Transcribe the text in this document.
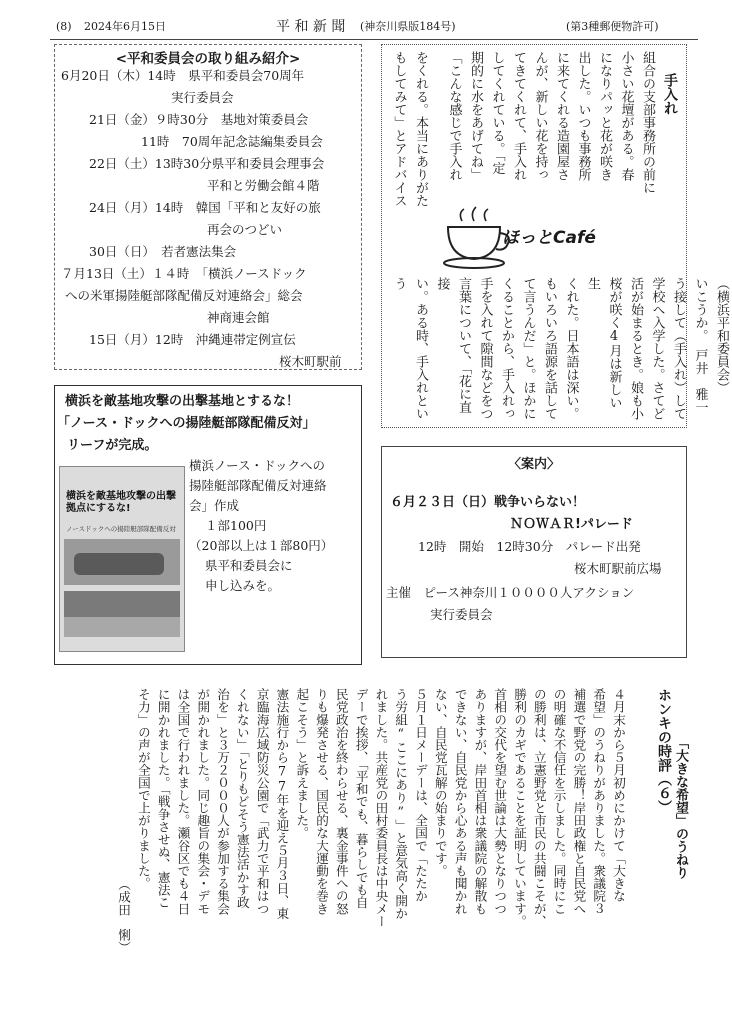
(8) 2024年6月15日	平 和 新 聞 (神奈川県版184号)	(第3種郵便物許可)
<平和委員会の取り組み紹介>
6月20日（木）14時　県平和委員会70周年
実行委員会
21日（金）９時30分　基地対策委員会
11時　70周年記念誌編集委員会
22日（土）13時30分県平和委員会理事会
平和と労働会館４階
24日（月）14時　韓国「平和と友好の旅
再会のつどい
30日（日）　若者憲法集会
７月13日（土）１４時　「横浜ノースドック
への米軍揚陸艇部隊配備反対連絡会」総会
神商連会館
15日（月）12時　沖縄連帯定例宣伝
桜木町駅前
手入れ
組合の支部事務所の前に
小さい花壇がある。春
になりパッと花が咲き
出した。いつも事務所
に来てくれる造園屋さ
んが、新しい花を持っ
てきてくれて、手入れ
してくれている。「定
期的に水をあげてね」
「こんな感じで手入れ
をくれる。本当にありがた
もしてみて」とアドバイス
ほっとCafé
（横浜平和委員会）
いこうか。　戸井　雅一
う接して（手入れ）して
学校へ入学した。さてど
活が始まるとき。娘も小
桜が咲く4月は新しい生
くれた。日本語は深い。
もいろいろ語源を話して
て言うんだ」と。ほかに
くることから、手入れっ
手を入れて隙間などをつ
言葉について、「花に直接
い。ある時、手入れという
横浜を敵基地攻撃の出撃基地とするな！
「ノース・ドックへの揚陸艇部隊配備反対」
リーフが完成。
横浜を敵基地攻撃の出撃拠点にするな!
ノースドックへの揚陸艇部隊配備反対
横浜ノース・ドックへの
揚陸艇部隊配備反対連絡
会」作成
１部100円
（20部以上は１部80円）
県平和委員会に
申し込みを。
〈案内〉
６月２３日（日）戦争いらない！
ＮＯＷＡＲ!パレード
12時　開始　12時30分　パレード出発
桜木町駅前広場
主催　ピース神奈川１００００人アクション
実行委員会
ホンキの時評（６） 「大きな希望」のうねり
４月末から５月初めにかけて「大きな
希望」のうねりがありました。衆議院３
補選で野党の完勝！岸田政権と自民党へ
の明確な不信任を示しました。同時にこ
の勝利は、立憲野党と市民の共闘こそが、
勝利のカギであることを証明しています。
首相の交代を望む世論は大勢となりつつ
ありますが、岸田首相は衆議院の解散も
できない、自民党から心ある声も聞かれ
ない、自民党瓦解の始まりです。
５月１日メーデーは、全国で「たたか
う労組“ここにあり”」と意気高く開か
れました。共産党の田村委員長は中央メー
デーで挨拶、「平和でも、暮らしでも自
民党政治を終わらせる、裏金事件への怒
りも爆発させる、国民的な大運動を巻き
起こそう」と訴えました。
憲法施行から77年を迎え５月３日、東
京臨海広域防災公園で「武力で平和はつ
くれない」「とりもどそう憲法活かす政
治を」と３万２０００人が参加する集会
が開かれました。同じ趣旨の集会・デモ
は全国で行われました。瀬谷区でも４日
に開かれました。「戦争させぬ、憲法こ
そ力」の声が全国で上がりました。
（成田　悧）
